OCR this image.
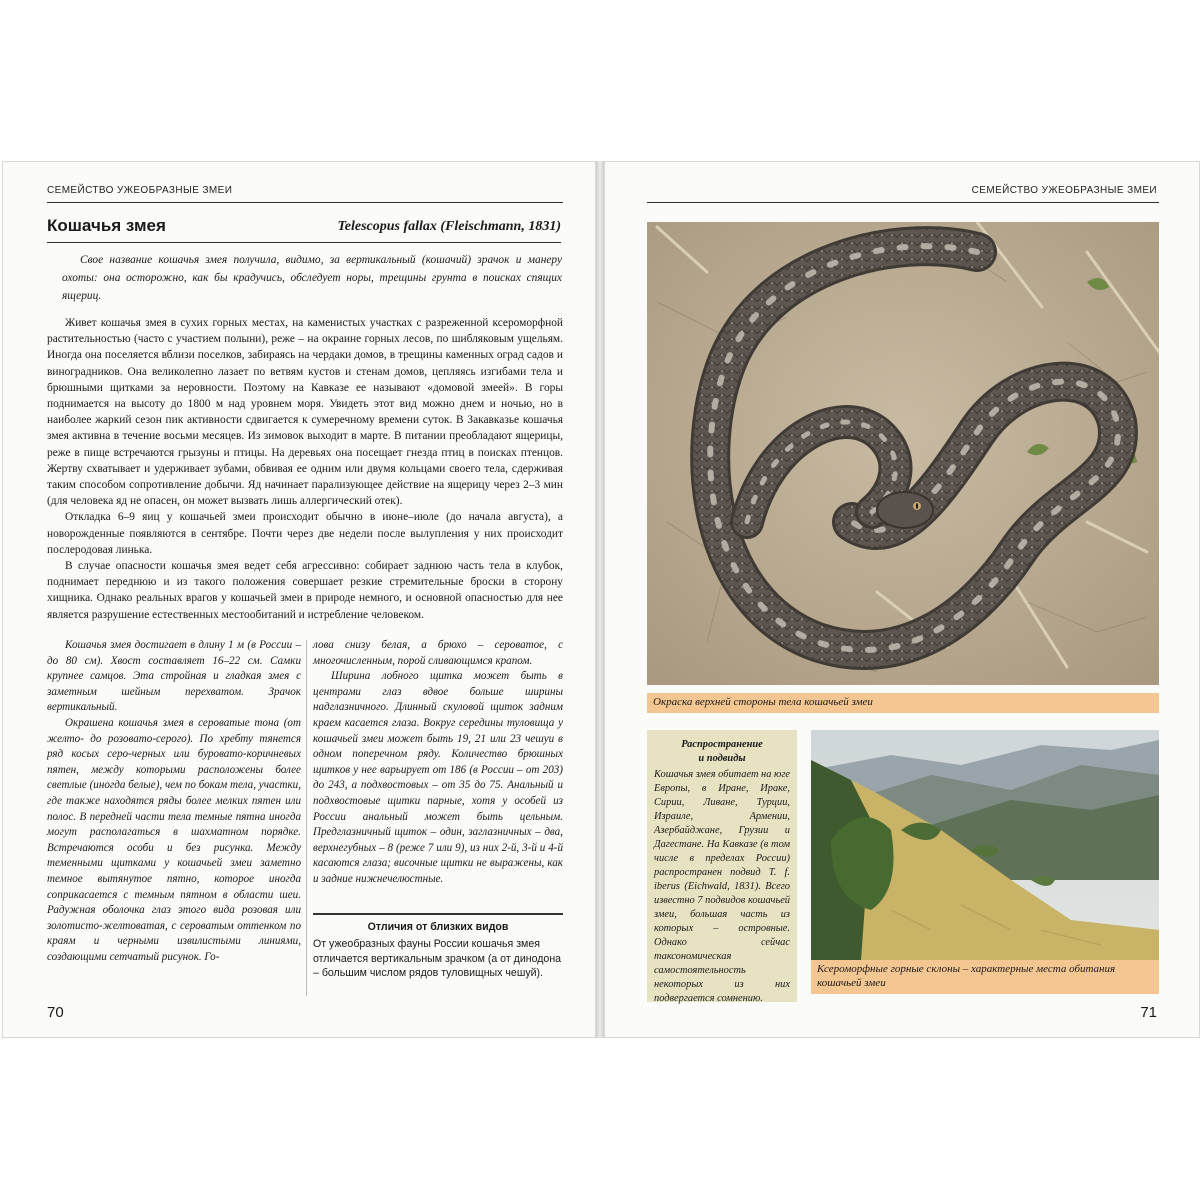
СЕМЕЙСТВО УЖЕОБРАЗНЫЕ ЗМЕИ
Кошачья змея	Telescopus fallax (Fleischmann, 1831)

Свое название кошачья змея получила, видимо, за вертикальный (кошачий) зрачок и манеру охоты: она осторожно, как бы крадучись, обследует норы, трещины грунта в поисках спящих ящериц.

Живет кошачья змея в сухих горных местах, на каменистых участках с разреженной ксероморфной растительностью (часто с участием полыни), реже – на окраине горных лесов, по шибляковым ущельям. Иногда она поселяется вблизи поселков, забираясь на чердаки домов, в трещины каменных оград садов и виноградников. Она великолепно лазает по ветвям кустов и стенам домов, цепляясь изгибами тела и брюшными щитками за неровности. Поэтому на Кавказе ее называют «домовой змеей». В горы поднимается на высоту до 1800 м над уровнем моря. Увидеть этот вид можно днем и ночью, но в наиболее жаркий сезон пик активности сдвигается к сумеречному времени суток. В Закавказье кошачья змея активна в течение восьми месяцев. Из зимовок выходит в марте. В питании преобладают ящерицы, реже в пище встречаются грызуны и птицы. На деревьях она посещает гнезда птиц в поисках птенцов. Жертву схватывает и удерживает зубами, обвивая ее одним или двумя кольцами своего тела, сдерживая таким способом сопротивление добычи. Яд начинает парализующее действие на ящерицу через 2–3 мин (для человека яд не опасен, он может вызвать лишь аллергический отек).

Откладка 6–9 яиц у кошачьей змеи происходит обычно в июне–июле (до начала августа), а новорожденные появляются в сентябре. Почти через две недели после вылупления у них происходит послеродовая линька.

В случае опасности кошачья змея ведет себя агрессивно: собирает заднюю часть тела в клубок, поднимает переднюю и из такого положения совершает резкие стремительные броски в сторону хищника. Однако реальных врагов у кошачьей змеи в природе немного, и основной опасностью для нее является разрушение естественных местообитаний и истребление человеком.

Кошачья змея достигает в длину 1 м (в России – до 80 см). Хвост составляет 16–22 см. Самки крупнее самцов. Эта стройная и гладкая змея с заметным шейным перехватом. Зрачок вертикальный.

Окрашена кошачья змея в сероватые тона (от желто- до розовато-серого). По хребту тянется ряд косых серо-черных или буровато-коричневых пятен, между которыми расположены более светлые (иногда белые), чем по бокам тела, участки, где также находятся ряды более мелких пятен или полос. В передней части тела темные пятна иногда могут располагаться в шахматном порядке. Встречаются особи и без рисунка. Между теменными щитками у кошачьей змеи заметно темное вытянутое пятно, которое иногда соприкасается с темным пятном в области шеи. Радужная оболочка глаз этого вида розовая или золотисто-желтоватая, с сероватым оттенком по краям и черными извилистыми линиями, создающими сетчатый рисунок. Го-

лова снизу белая, а брюхо – сероватое, с многочисленным, порой сливающимся крапом.

Ширина лобного щитка может быть в центрами глаз вдвое больше ширины надглазничного. Длинный скуловой щиток задним краем касается глаза. Вокруг середины туловища у кошачьей змеи может быть 19, 21 или 23 чешуи в одном поперечном ряду. Количество брюшных щитков у нее варьирует от 186 (в России – от 203) до 243, а подхвостовых – от 35 до 75. Анальный и подхвостовые щитки парные, хотя у особей из России анальный может быть цельным. Предглазничный щиток – один, заглазничных – два, верхнегубных – 8 (реже 7 или 9), из них 2-й, 3-й и 4-й касаются глаза; височные щитки не выражены, как и задние нижнечелюстные.

Отличия от близких видов

От ужеобразных фауны России кошачья змея отличается вертикальным зрачком (а от динодона – большим числом рядов туловищных чешуй).

70
СЕМЕЙСТВО УЖЕОБРАЗНЫЕ ЗМЕИ
Окраска верхней стороны тела кошачьей змеи
Распространение
и подвиды
Кошачья змея обитает на юге Европы, в Иране, Ираке, Сирии, Ливане, Турции, Израиле, Армении, Азербайджане, Грузии и Дагестане. На Кавказе (в том числе в пределах России) распространен подвид T. f. iberus (Eichwald, 1831). Всего известно 7 подвидов кошачьей змеи, большая часть из которых – островные. Однако сейчас таксономическая самостоятельность некоторых из них подвергается сомнению.
Ксероморфные горные склоны – характерные места обитания кошачьей змеи
71
